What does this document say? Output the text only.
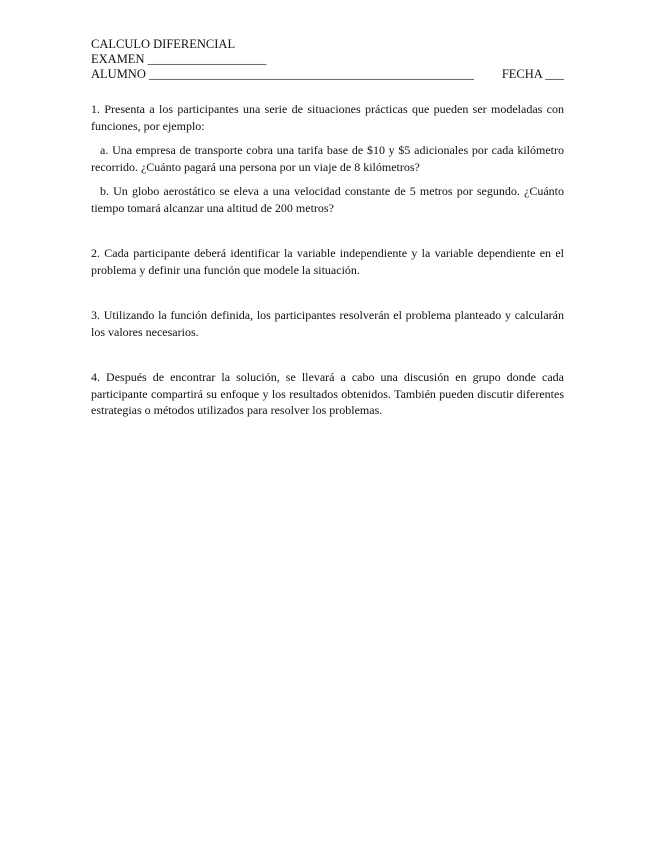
CALCULO DIFERENCIAL
EXAMEN ___________________
ALUMNO ____________________________________________________ FECHA ___

1. Presenta a los participantes una serie de situaciones prácticas que pueden ser modeladas con funciones, por ejemplo:

a. Una empresa de transporte cobra una tarifa base de $10 y $5 adicionales por cada kilómetro recorrido. ¿Cuánto pagará una persona por un viaje de 8 kilómetros?

b. Un globo aerostático se eleva a una velocidad constante de 5 metros por segundo. ¿Cuánto tiempo tomará alcanzar una altitud de 200 metros?

2. Cada participante deberá identificar la variable independiente y la variable dependiente en el problema y definir una función que modele la situación.

3. Utilizando la función definida, los participantes resolverán el problema planteado y calcularán los valores necesarios.

4. Después de encontrar la solución, se llevará a cabo una discusión en grupo donde cada participante compartirá su enfoque y los resultados obtenidos. También pueden discutir diferentes estrategias o métodos utilizados para resolver los problemas.
